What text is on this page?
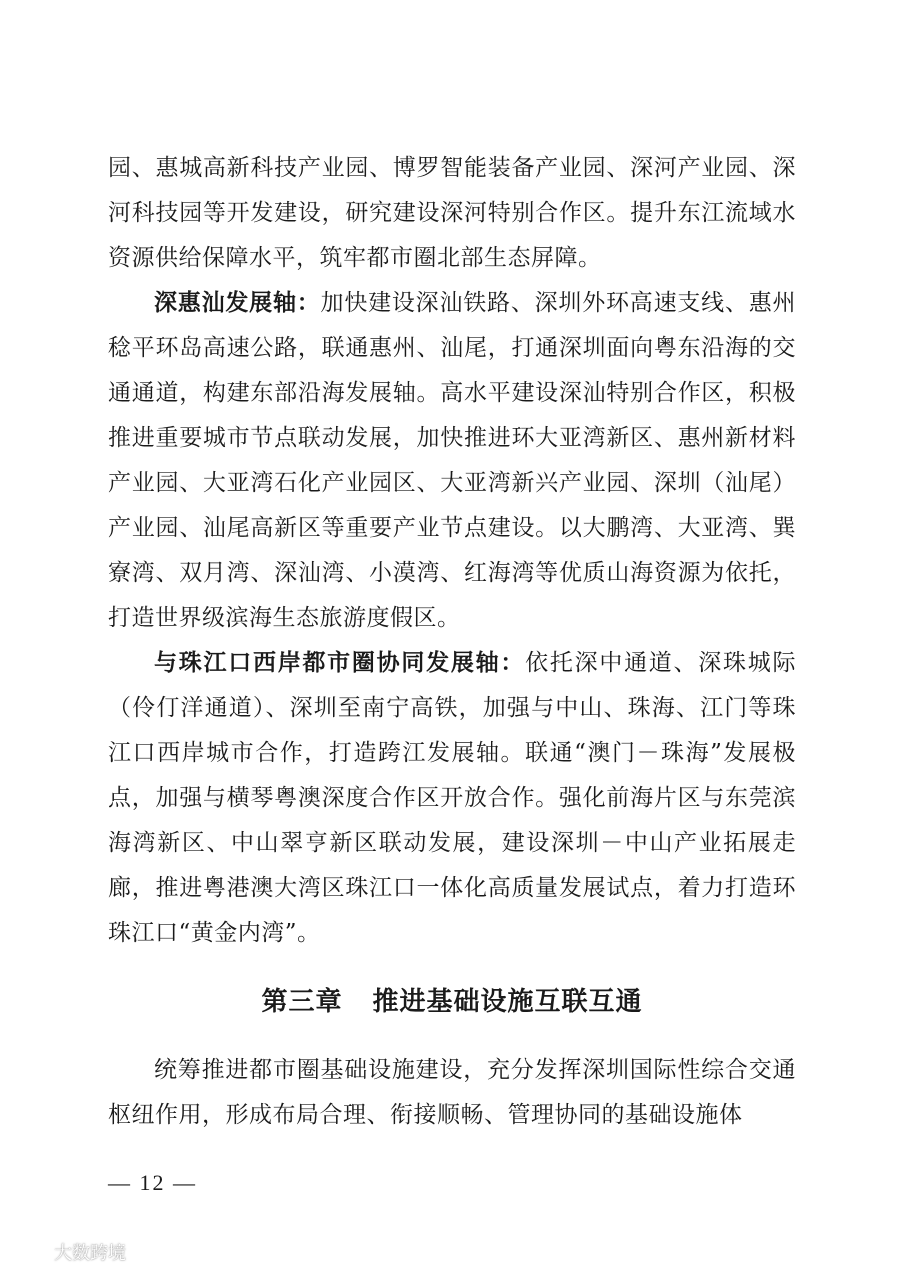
园、惠城高新科技产业园、博罗智能装备产业园、深河产业园、深河科技园等开发建设，研究建设深河特别合作区。提升东江流域水资源供给保障水平，筑牢都市圈北部生态屏障。

深惠汕发展轴：加快建设深汕铁路、深圳外环高速支线、惠州稔平环岛高速公路，联通惠州、汕尾，打通深圳面向粤东沿海的交通通道，构建东部沿海发展轴。高水平建设深汕特别合作区，积极推进重要城市节点联动发展，加快推进环大亚湾新区、惠州新材料产业园、大亚湾石化产业园区、大亚湾新兴产业园、深圳（汕尾）产业园、汕尾高新区等重要产业节点建设。以大鹏湾、大亚湾、巽寮湾、双月湾、深汕湾、小漠湾、红海湾等优质山海资源为依托，打造世界级滨海生态旅游度假区。

与珠江口西岸都市圈协同发展轴：依托深中通道、深珠城际（伶仃洋通道）、深圳至南宁高铁，加强与中山、珠海、江门等珠江口西岸城市合作，打造跨江发展轴。联通“澳门－珠海”发展极点，加强与横琴粤澳深度合作区开放合作。强化前海片区与东莞滨海湾新区、中山翠亨新区联动发展，建设深圳－中山产业拓展走廊，推进粤港澳大湾区珠江口一体化高质量发展试点，着力打造环珠江口“黄金内湾”。

第三章 推进基础设施互联互通

统筹推进都市圈基础设施建设，充分发挥深圳国际性综合交通枢纽作用，形成布局合理、衔接顺畅、管理协同的基础设施体

— 12 —
大数跨境
